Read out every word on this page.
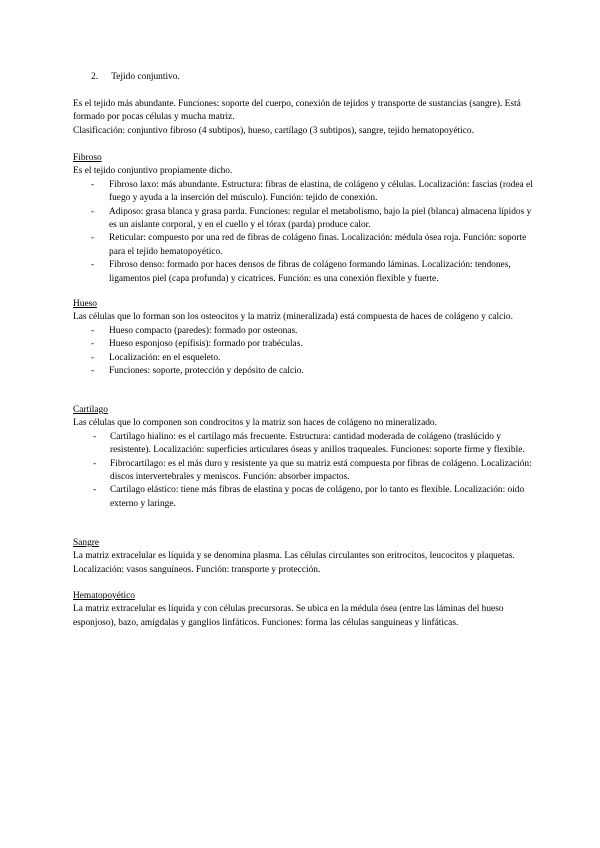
2. Tejido conjuntivo.

Es el tejido más abundante. Funciones: soporte del cuerpo, conexión de tejidos y transporte de sustancias (sangre). Está formado por pocas células y mucha matriz.

Clasificación: conjuntivo fibroso (4 subtipos), hueso, cartílago (3 subtipos), sangre, tejido hematopoyético.

Fibroso

Es el tejido conjuntivo propiamente dicho.

- Fibroso laxo: más abundante. Estructura: fibras de elastina, de colágeno y células. Localización: fascias (rodea el fuego y ayuda a la inserción del músculo). Función: tejido de conexión.
- Adiposo: grasa blanca y grasa parda. Funciones: regular el metabolismo, bajo la piel (blanca) almacena lípidos y es un aislante corporal, y en el cuello y el tórax (parda) produce calor.
- Reticular: compuesto por una red de fibras de colágeno finas. Localización: médula ósea roja. Función: soporte para el tejido hematopoyético.
- Fibroso denso: formado por haces densos de fibras de colágeno formando láminas. Localización: tendones, ligamentos piel (capa profunda) y cicatrices. Función: es una conexión flexible y fuerte.

Hueso

Las células que lo forman son los osteocitos y la matriz (mineralizada) está compuesta de haces de colágeno y calcio.

- Hueso compacto (paredes): formado por osteonas.
- Hueso esponjoso (epífisis): formado por trabéculas.
- Localización: en el esqueleto.
- Funciones: soporte, protección y depósito de calcio.

Cartílago

Las células que lo componen son condrocitos y la matriz son haces de colágeno no mineralizado.

- Cartílago hialino: es el cartílago más frecuente. Estructura: cantidad moderada de colágeno (traslúcido y resistente). Localización: superficies articulares óseas y anillos traqueales. Funciones: soporte firme y flexible.
- Fibrocartílago: es el más duro y resistente ya que su matriz está compuesta por fibras de colágeno. Localización: discos intervertebrales y meniscos. Función: absorber impactos.
- Cartílago elástico: tiene más fibras de elastina y pocas de colágeno, por lo tanto es flexible. Localización: oído externo y laringe.

Sangre

La matriz extracelular es líquida y se denomina plasma. Las células circulantes son eritrocitos, leucocitos y plaquetas. Localización: vasos sanguíneos. Función: transporte y protección.

Hematopoyético

La matriz extracelular es líquida y con células precursoras. Se ubica en la médula ósea (entre las láminas del hueso esponjoso), bazo, amígdalas y ganglios linfáticos. Funciones: forma las células sanguíneas y linfáticas.
